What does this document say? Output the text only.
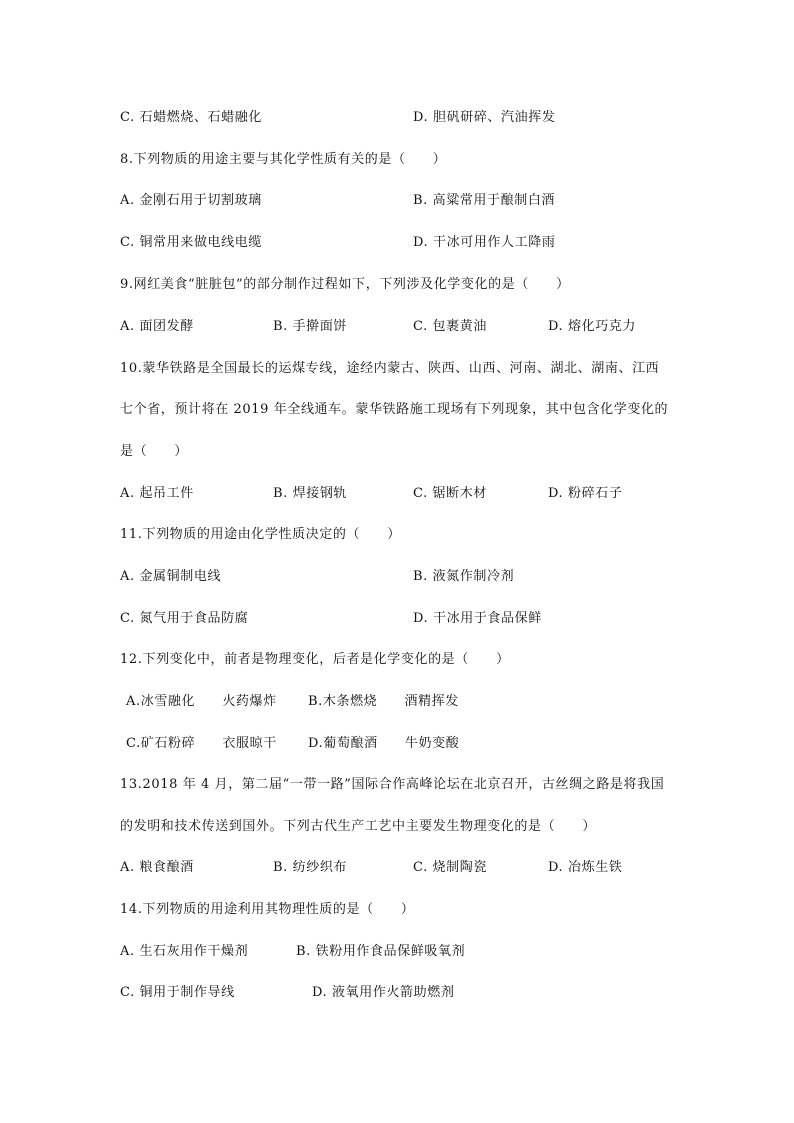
C. 石蜡燃烧、石蜡融化	D. 胆矾研碎、汽油挥发
8.下列物质的用途主要与其化学性质有关的是（　　）
A. 金刚石用于切割玻璃	B. 高粱常用于酿制白酒
C. 铜常用来做电线电缆	D. 干冰可用作人工降雨
9.网红美食“脏脏包”的部分制作过程如下，下列涉及化学变化的是（　　）
A. 面团发酵	B. 手擀面饼	C. 包裹黄油	D. 熔化巧克力
10.蒙华铁路是全国最长的运煤专线，途经内蒙古、陕西、山西、河南、湖北、湖南、江西
七个省，预计将在 2019 年全线通车。蒙华铁路施工现场有下列现象，其中包含化学变化的
是（　　）
A. 起吊工件	B. 焊接钢轨	C. 锯断木材	D. 粉碎石子
11.下列物质的用途由化学性质决定的（　　）
A. 金属铜制电线	B. 液氮作制冷剂
C. 氮气用于食品防腐	D. 干冰用于食品保鲜
12.下列变化中，前者是物理变化，后者是化学变化的是（　　）
A.冰雪融化　　火药爆炸 B.木条燃烧　　酒精挥发
C.矿石粉碎　　衣服晾干 D.葡萄酿酒　　牛奶变酸
13.2018 年 4 月，第二届“一带一路”国际合作高峰论坛在北京召开，古丝绸之路是将我国
的发明和技术传送到国外。下列古代生产工艺中主要发生物理变化的是（　　）
A. 粮食酿酒	B. 纺纱织布	C. 烧制陶瓷	D. 冶炼生铁
14.下列物质的用途利用其物理性质的是（　　）
A. 生石灰用作干燥剂	B. 铁粉用作食品保鲜吸氧剂
C. 铜用于制作导线	D. 液氧用作火箭助燃剂
